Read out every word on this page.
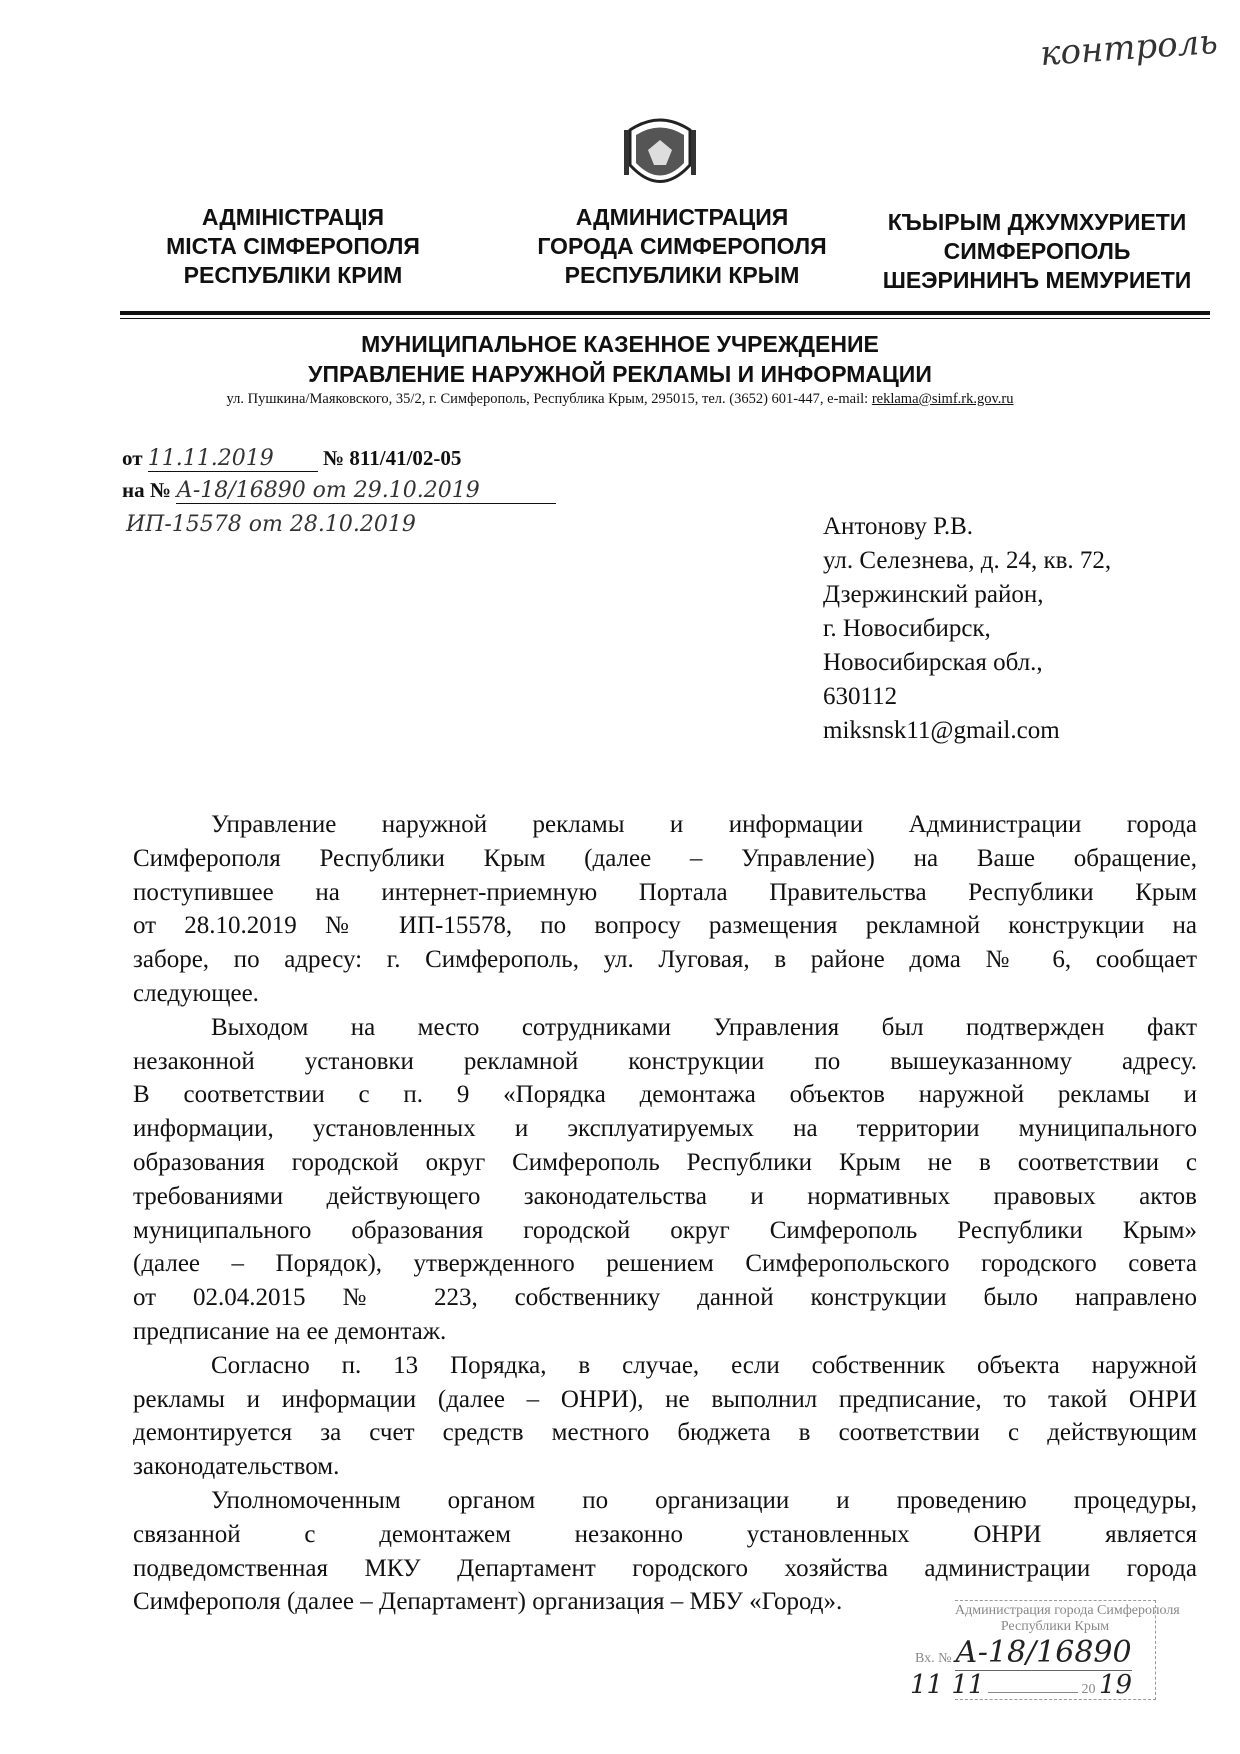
контроль
АДМІНІСТРАЦІЯ
МІСТА СІМФЕРОПОЛЯ
РЕСПУБЛІКИ КРИМ
АДМИНИСТРАЦИЯ
ГОРОДА СИМФЕРОПОЛЯ
РЕСПУБЛИКИ КРЫМ
КЪЫРЫМ ДЖУМХУРИЕТИ
СИМФЕРОПОЛЬ
ШЕЭРИНИНЪ МЕМУРИЕТИ
МУНИЦИПАЛЬНОЕ КАЗЕННОЕ УЧРЕЖДЕНИЕ
УПРАВЛЕНИЕ НАРУЖНОЙ РЕКЛАМЫ И ИНФОРМАЦИИ
ул. Пушкина/Маяковского, 35/2, г. Симферополь, Республика Крым, 295015, тел. (3652) 601-447, e-mail: reklama@simf.rk.gov.ru
от 11.11.2019 № 811/41/02-05
на № А-18/16890 от 29.10.2019
ИП-15578 от 28.10.2019	Антонову Р.В.
ул. Селезнева, д. 24, кв. 72,
Дзержинский район,
г. Новосибирск,
Новосибирская обл.,
630112
miksnsk11@gmail.com
Управление наружной рекламы и информации Администрации города
Симферополя Республики Крым (далее – Управление) на Ваше обращение,
поступившее на интернет-приемную Портала Правительства Республики Крым
от 28.10.2019 № ИП-15578, по вопросу размещения рекламной конструкции на
заборе, по адресу: г. Симферополь, ул. Луговая, в районе дома № 6, сообщает
следующее.
Выходом на место сотрудниками Управления был подтвержден факт
незаконной установки рекламной конструкции по вышеуказанному адресу.
В соответствии с п. 9 «Порядка демонтажа объектов наружной рекламы и
информации, установленных и эксплуатируемых на территории муниципального
образования городской округ Симферополь Республики Крым не в соответствии с
требованиями действующего законодательства и нормативных правовых актов
муниципального образования городской округ Симферополь Республики Крым»
(далее – Порядок), утвержденного решением Симферопольского городского совета
от 02.04.2015 № 223, собственнику данной конструкции было направлено
предписание на ее демонтаж.
Согласно п. 13 Порядка, в случае, если собственник объекта наружной
рекламы и информации (далее – ОНРИ), не выполнил предписание, то такой ОНРИ
демонтируется за счет средств местного бюджета в соответствии с действующим
законодательством.
Уполномоченным органом по организации и проведению процедуры,
связанной с демонтажем незаконно установленных ОНРИ является
подведомственная МКУ Департамент городского хозяйства администрации города
Симферополя (далее – Департамент) организация – МБУ «Город».	Администрация города Симферополя
Республики Крым
Вх. № А-18/16890
11 11	20 19
